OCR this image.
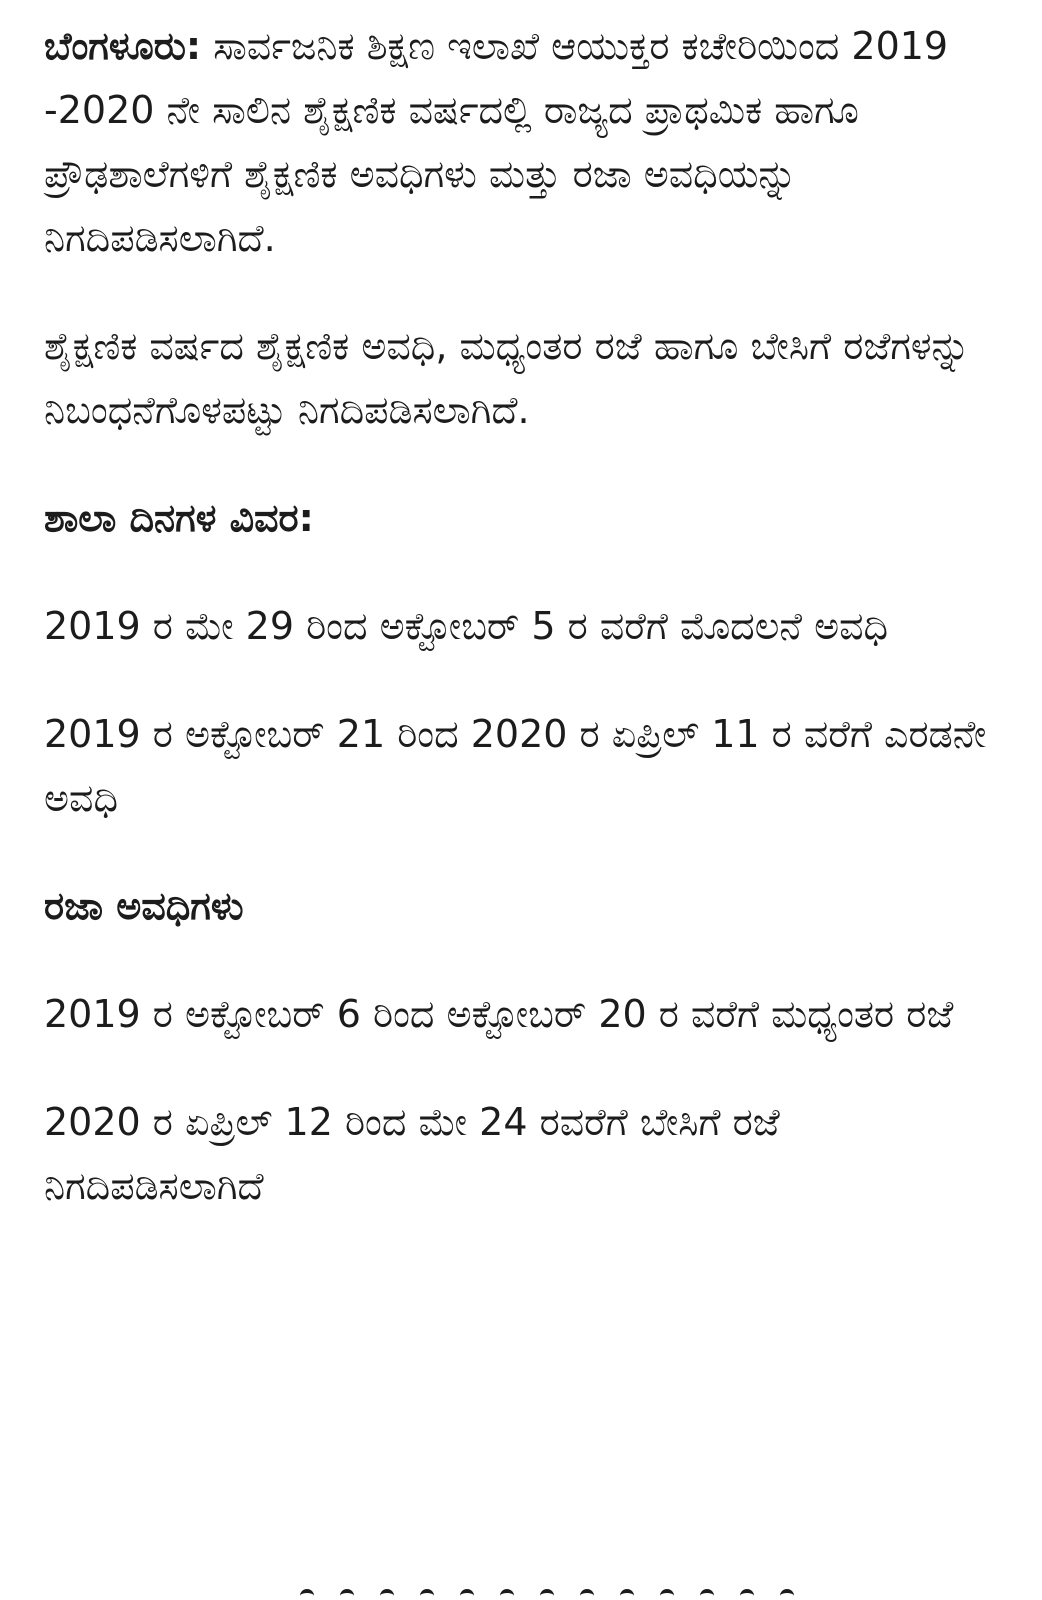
ಬೆಂಗಳೂರು: ಸಾರ್ವಜನಿಕ ಶಿಕ್ಷಣ ಇಲಾಖೆ ಆಯುಕ್ತರ ಕಚೇರಿಯಿಂದ 2019 -2020 ನೇ ಸಾಲಿನ ಶೈಕ್ಷಣಿಕ ವರ್ಷದಲ್ಲಿ ರಾಜ್ಯದ ಪ್ರಾಥಮಿಕ ಹಾಗೂ ಪ್ರೌಢಶಾಲೆಗಳಿಗೆ ಶೈಕ್ಷಣಿಕ ಅವಧಿಗಳು ಮತ್ತು ರಜಾ ಅವಧಿಯನ್ನು ನಿಗದಿಪಡಿಸಲಾಗಿದೆ.

ಶೈಕ್ಷಣಿಕ ವರ್ಷದ ಶೈಕ್ಷಣಿಕ ಅವಧಿ, ಮಧ್ಯಂತರ ರಜೆ ಹಾಗೂ ಬೇಸಿಗೆ ರಜೆಗಳನ್ನು ನಿಬಂಧನೆಗೊಳಪಟ್ಟು ನಿಗದಿಪಡಿಸಲಾಗಿದೆ.

ಶಾಲಾ ದಿನಗಳ ವಿವರ:

2019 ರ ಮೇ 29 ರಿಂದ ಅಕ್ಟೋಬರ್ 5 ರ ವರೆಗೆ ಮೊದಲನೆ ಅವಧಿ

2019 ರ ಅಕ್ಟೋಬರ್ 21 ರಿಂದ 2020 ರ ಏಪ್ರಿಲ್ 11 ರ ವರೆಗೆ ಎರಡನೇ ಅವಧಿ

ರಜಾ ಅವಧಿಗಳು

2019 ರ ಅಕ್ಟೋಬರ್ 6 ರಿಂದ ಅಕ್ಟೋಬರ್ 20 ರ ವರೆಗೆ ಮಧ್ಯಂತರ ರಜೆ

2020 ರ ಏಪ್ರಿಲ್ 12 ರಿಂದ ಮೇ 24 ರವರೆಗೆ ಬೇಸಿಗೆ ರಜೆ ನಿಗದಿಪಡಿಸಲಾಗಿದೆ
